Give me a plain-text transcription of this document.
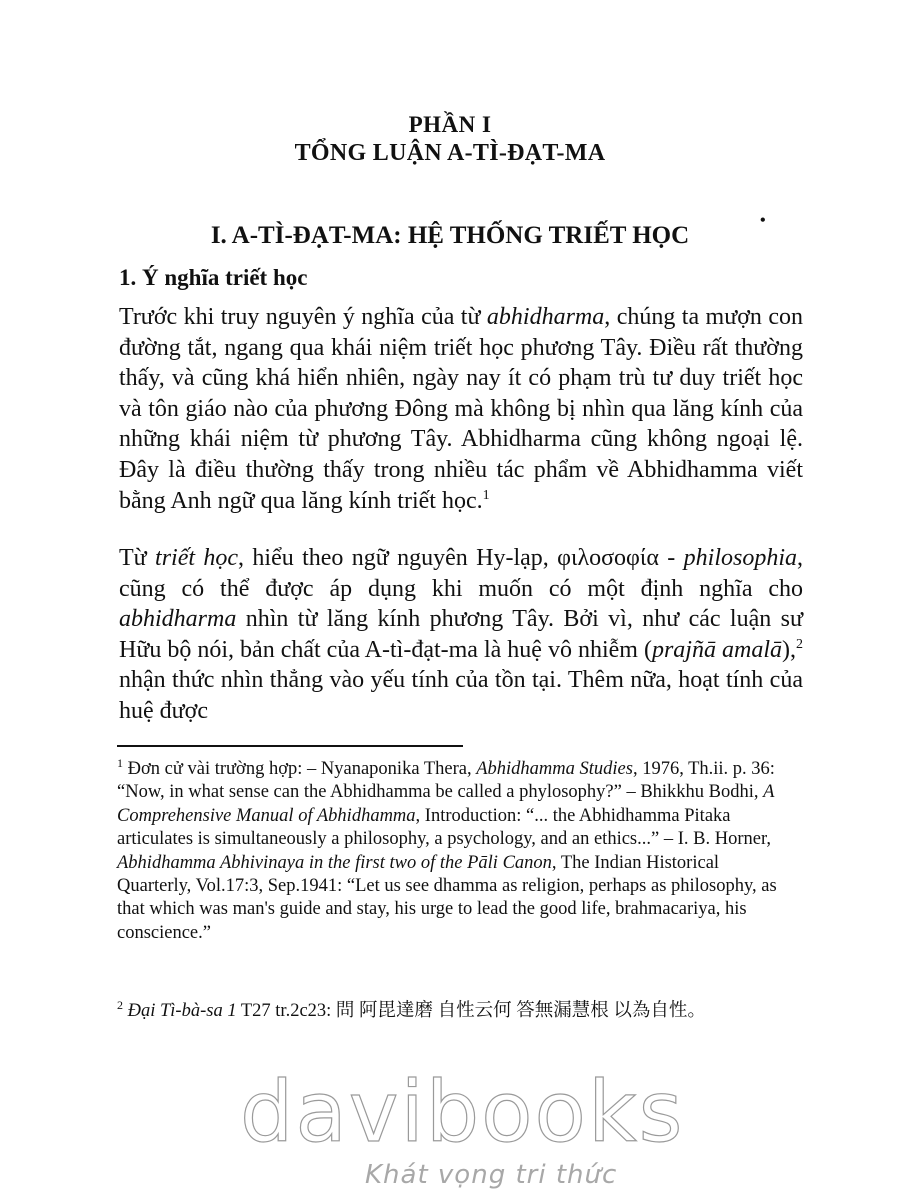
PHẦN I
TỔNG LUẬN A-TÌ-ĐẠT-MA
I. A-TÌ-ĐẠT-MA: HỆ THỐNG TRIẾT HỌC
•
1. Ý nghĩa triết học

Trước khi truy nguyên ý nghĩa của từ abhidharma, chúng ta mượn con đường tắt, ngang qua khái niệm triết học phương Tây. Điều rất thường thấy, và cũng khá hiển nhiên, ngày nay ít có phạm trù tư duy triết học và tôn giáo nào của phương Đông mà không bị nhìn qua lăng kính của những khái niệm từ phương Tây. Abhidharma cũng không ngoại lệ. Đây là điều thường thấy trong nhiều tác phẩm về Abhidhamma viết bằng Anh ngữ qua lăng kính triết học.$^1$

Từ triết học, hiểu theo ngữ nguyên Hy-lạp, φιλοσοφία - philosophia, cũng có thể được áp dụng khi muốn có một định nghĩa cho abhidharma nhìn từ lăng kính phương Tây. Bởi vì, như các luận sư Hữu bộ nói, bản chất của A-tì-đạt-ma là huệ vô nhiễm (prajñā amalā),$^2$ nhận thức nhìn thẳng vào yếu tính của tồn tại. Thêm nữa, hoạt tính của huệ được

$^1$ Đơn cử vài trường hợp: – Nyanaponika Thera, Abhidhamma Studies, 1976, Th.ii. p. 36: “Now, in what sense can the Abhidhamma be called a phylosophy?” – Bhikkhu Bodhi, A Comprehensive Manual of Abhidhamma, Introduction: “... the Abhidhamma Pitaka articulates is simultaneously a philosophy, a psychology, and an ethics...” – I. B. Horner, Abhidhamma Abhivinaya in the first two of the Pāli Canon, The Indian Historical Quarterly, Vol.17:3, Sep.1941: “Let us see dhamma as religion, perhaps as philosophy, as that which was man's guide and stay, his urge to lead the good life, brahmacariya, his conscience.”

$^2$ Đại Tì-bà-sa 1 T27 tr.2c23: 問 阿毘達磨 自性云何 答無漏慧根 以為自性。

davibooks
Khát vọng tri thức
